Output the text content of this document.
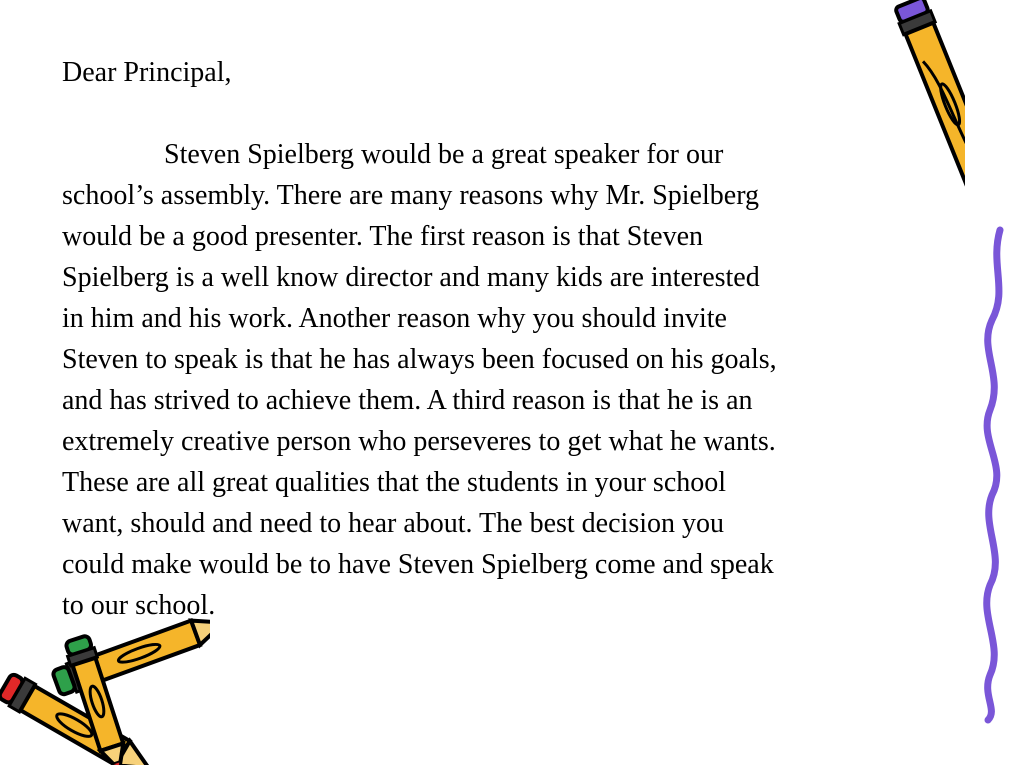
Dear Principal,

Steven Spielberg would be a great speaker for our
school’s assembly. There are many reasons why Mr. Spielberg
would be a good presenter. The first reason is that Steven
Spielberg is a well know director and many kids are interested
in him and his work. Another reason why you should invite
Steven to speak is that he has always been focused on his goals,
and has strived to achieve them. A third reason is that he is an
extremely creative person who perseveres to get what he wants.
These are all great qualities that the students in your school
want, should and need to hear about. The best decision you
could make would be to have Steven Spielberg come and speak
to our school.
